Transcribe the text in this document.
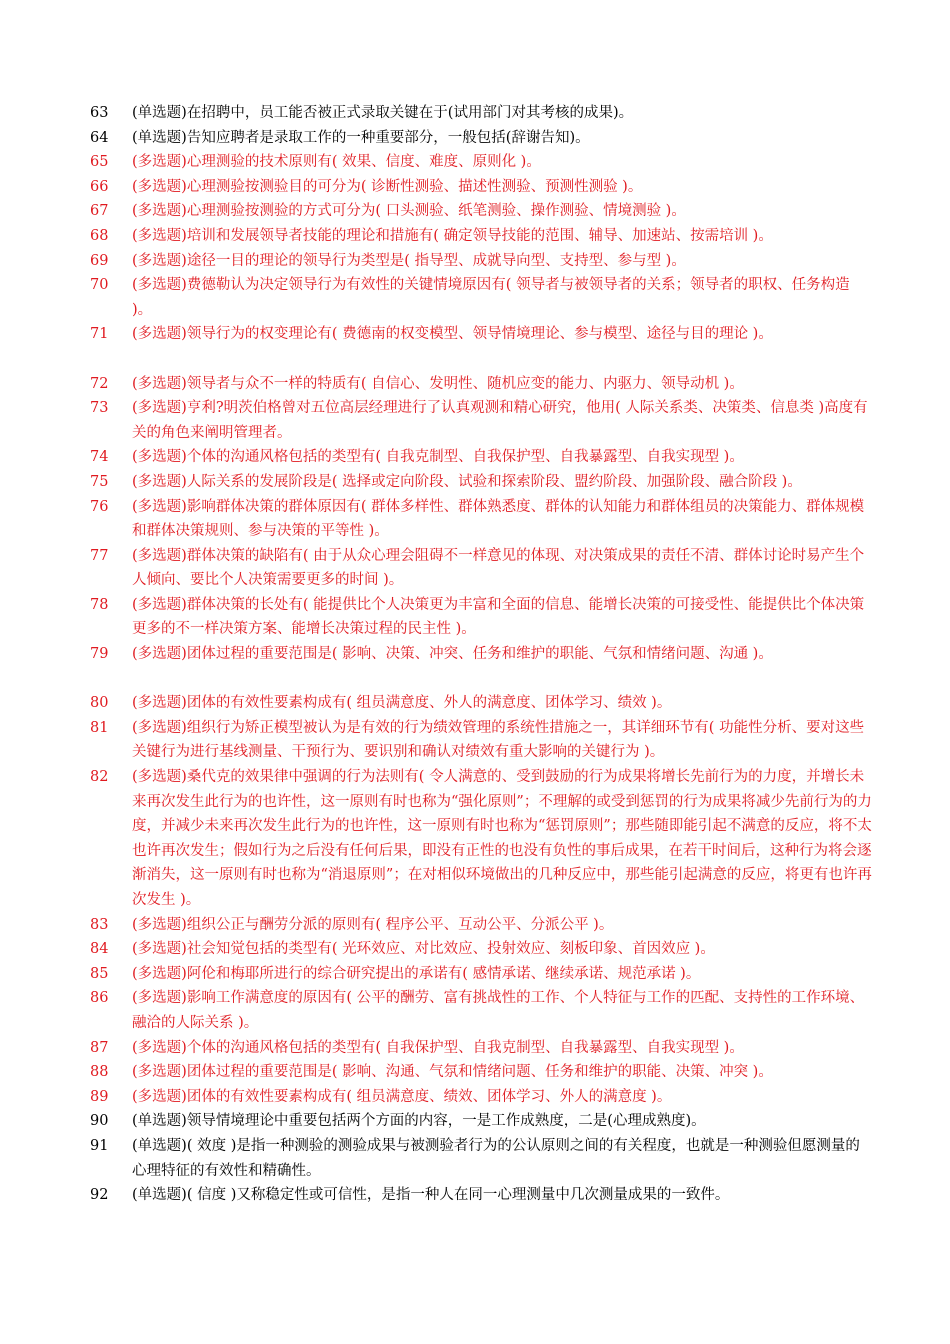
63	(单选题)在招聘中，员工能否被正式录取关键在于(试用部门对其考核的成果)。
64	(单选题)告知应聘者是录取工作的一种重要部分，一般包括(辞谢告知)。
65	(多选题)心理测验的技术原则有( 效果、信度、难度、原则化 )。
66	(多选题)心理测验按测验目的可分为( 诊断性测验、描述性测验、预测性测验 )。
67	(多选题)心理测验按测验的方式可分为( 口头测验、纸笔测验、操作测验、情境测验 )。
68	(多选题)培训和发展领导者技能的理论和措施有( 确定领导技能的范围、辅导、加速站、按需培训 )。
69	(多选题)途径一目的理论的领导行为类型是( 指导型、成就导向型、支持型、参与型 )。
70	(多选题)费德勒认为决定领导行为有效性的关键情境原因有( 领导者与被领导者的关系；领导者的职权、任务构造 )。
71	(多选题)领导行为的权变理论有( 费德南的权变模型、领导情境理论、参与模型、途径与目的理论 )。
72	(多选题)领导者与众不一样的特质有( 自信心、发明性、随机应变的能力、内驱力、领导动机 )。
73	(多选题)亨利?明茨伯格曾对五位高层经理进行了认真观测和精心研究，他用( 人际关系类、决策类、信息类 )高度有关的角色来阐明管理者。
74	(多选题)个体的沟通风格包括的类型有( 自我克制型、自我保护型、自我暴露型、自我实现型 )。
75	(多选题)人际关系的发展阶段是( 选择或定向阶段、试验和探索阶段、盟约阶段、加强阶段、融合阶段 )。
76	(多选题)影响群体决策的群体原因有( 群体多样性、群体熟悉度、群体的认知能力和群体组员的决策能力、群体规模和群体决策规则、参与决策的平等性 )。
77	(多选题)群体决策的缺陷有( 由于从众心理会阻碍不一样意见的体现、对决策成果的责任不清、群体讨论时易产生个人倾向、要比个人决策需要更多的时间 )。
78	(多选题)群体决策的长处有( 能提供比个人决策更为丰富和全面的信息、能增长决策的可接受性、能提供比个体决策更多的不一样决策方案、能增长决策过程的民主性 )。
79	(多选题)团体过程的重要范围是( 影响、决策、冲突、任务和维护的职能、气氛和情绪问题、沟通 )。
80	(多选题)团体的有效性要素构成有( 组员满意度、外人的满意度、团体学习、绩效 )。
81	(多选题)组织行为矫正模型被认为是有效的行为绩效管理的系统性措施之一，其详细环节有( 功能性分析、要对这些关键行为进行基线测量、干预行为、要识别和确认对绩效有重大影响的关键行为 )。
82	(多选题)桑代克的效果律中强调的行为法则有( 令人满意的、受到鼓励的行为成果将增长先前行为的力度，并增长未来再次发生此行为的也许性，这一原则有时也称为“强化原则”；不理解的或受到惩罚的行为成果将减少先前行为的力度，并减少未来再次发生此行为的也许性，这一原则有时也称为“惩罚原则”；那些随即能引起不满意的反应，将不太也许再次发生；假如行为之后没有任何后果，即没有正性的也没有负性的事后成果，在若干时间后，这种行为将会逐渐消失，这一原则有时也称为“消退原则”；在对相似环境做出的几种反应中，那些能引起满意的反应，将更有也许再次发生 )。
83	(多选题)组织公正与酬劳分派的原则有( 程序公平、互动公平、分派公平 )。
84	(多选题)社会知觉包括的类型有( 光环效应、对比效应、投射效应、刻板印象、首因效应 )。
85	(多选题)阿伦和梅耶所进行的综合研究提出的承诺有( 感情承诺、继续承诺、规范承诺 )。
86	(多选题)影响工作满意度的原因有( 公平的酬劳、富有挑战性的工作、个人特征与工作的匹配、支持性的工作环境、融洽的人际关系 )。
87	(多选题)个体的沟通风格包括的类型有( 自我保护型、自我克制型、自我暴露型、自我实现型 )。
88	(多选题)团体过程的重要范围是( 影响、沟通、气氛和情绪问题、任务和维护的职能、决策、冲突 )。
89	(多选题)团体的有效性要素构成有( 组员满意度、绩效、团体学习、外人的满意度 )。
90	(单选题)领导情境理论中重要包括两个方面的内容，一是工作成熟度，二是(心理成熟度)。
91	(单选题)( 效度 )是指一种测验的测验成果与被测验者行为的公认原则之间的有关程度，也就是一种测验但愿测量的心理特征的有效性和精确性。
92	(单选题)( 信度 )又称稳定性或可信性，是指一种人在同一心理测量中几次测量成果的一致件。
